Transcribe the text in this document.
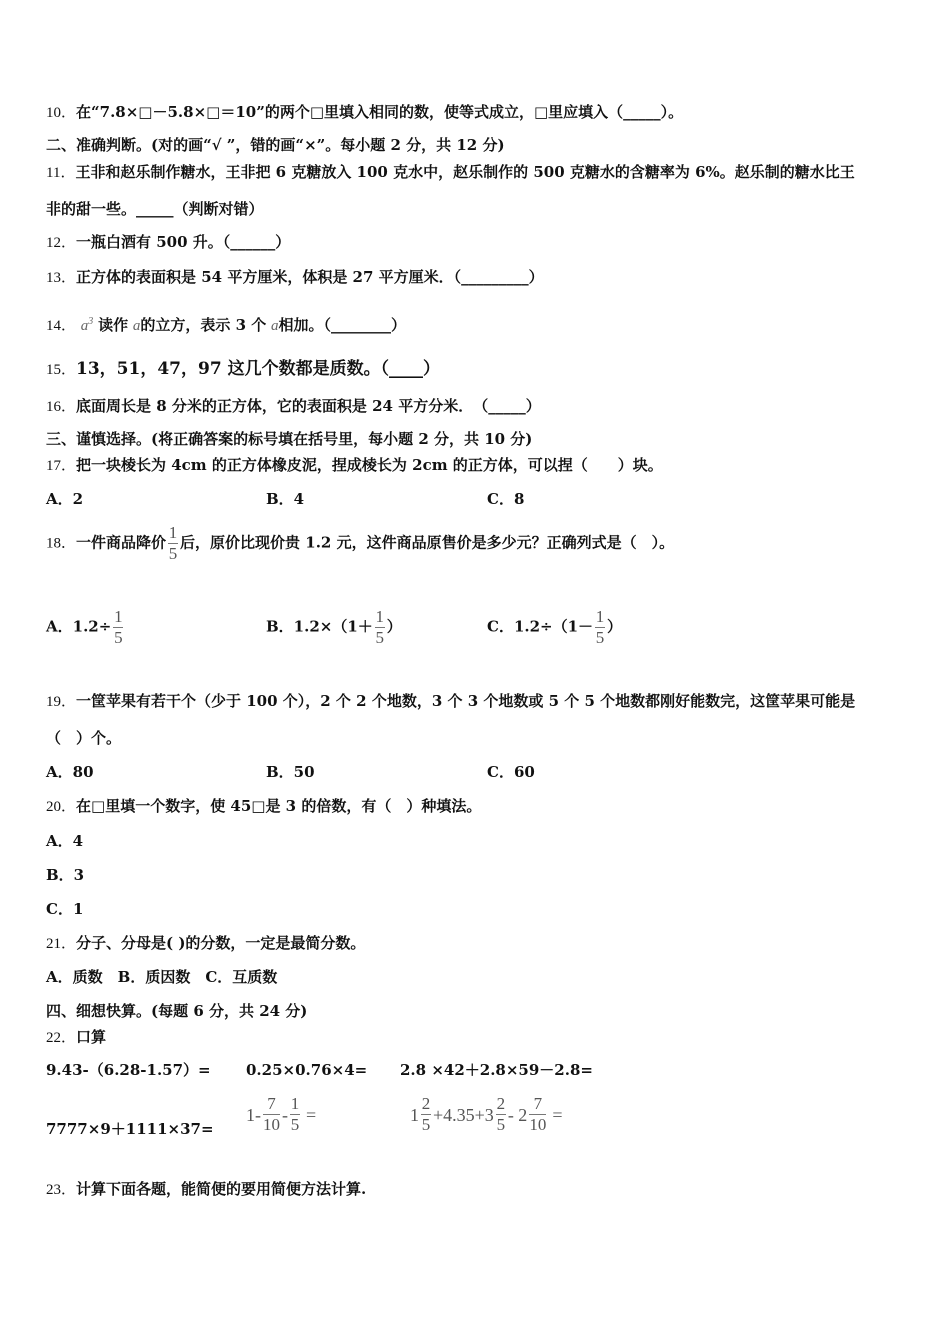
10．在“7.8×□－5.8×□＝10”的两个□里填入相同的数，使等式成立，□里应填入（_____）。
二、准确判断。(对的画“√ ”，错的画“×”。每小题 2 分，共 12 分)
11．王非和赵乐制作糖水，王非把 6 克糖放入 100 克水中，赵乐制作的 500 克糖水的含糖率为 6%。赵乐制的糖水比王
非的甜一些。_____（判断对错）
12．一瓶白酒有 500 升。（______）
13．正方体的表面积是 54 平方厘米，体积是 27 平方厘米．（_________）
14． $a^3$ 读作 a的立方，表示 3 个 a相加。（________）
15．13，51，47，97 这几个数都是质数。（____）
16．底面周长是 8 分米的正方体，它的表面积是 24 平方分米．　（_____）
三、谨慎选择。(将正确答案的标号填在括号里，每小题 2 分，共 10 分)
17．把一块棱长为 4cm 的正方体橡皮泥，捏成棱长为 2cm 的正方体，可以捏（　　）块。
A．2	B．4	C．8
18．一件商品降价 $\frac{1}{5}$ 后，原价比现价贵 1.2 元，这件商品原售价是多少元？正确列式是（　）。
A．$1.2\div \frac{1}{5}$	B．$1.2\times(1+ \frac{1}{5}$ ）	C．$1.2\div(1- \frac{1}{5}$ ）
19．一筐苹果有若干个（少于 100 个），2 个 2 个地数，3 个 3 个地数或 5 个 5 个地数都刚好能数完，这筐苹果可能是
（　）个。
A．80	B．50	C．60
20．在□里填一个数字，使 45□是 3 的倍数，有（　）种填法。
A．4
B．3
C．1
21．分子、分母是( )的分数，一定是最简分数。
A．质数　B．质因数　C．互质数
四、细想快算。(每题 6 分，共 24 分)
22．口算
9.43-（6.28-1.57）= 0.25×0.76×4= 2.8 ×42＋2.8×59－2.8=
7777×9＋1111×37=
$1- \frac{7}{10} - \frac{1}{5}$ =	$1 \frac{2}{5} +4.35+3 \frac{2}{5} - 2 \frac{7}{10}$ =
23．计算下面各题，能简便的要用简便方法计算.
